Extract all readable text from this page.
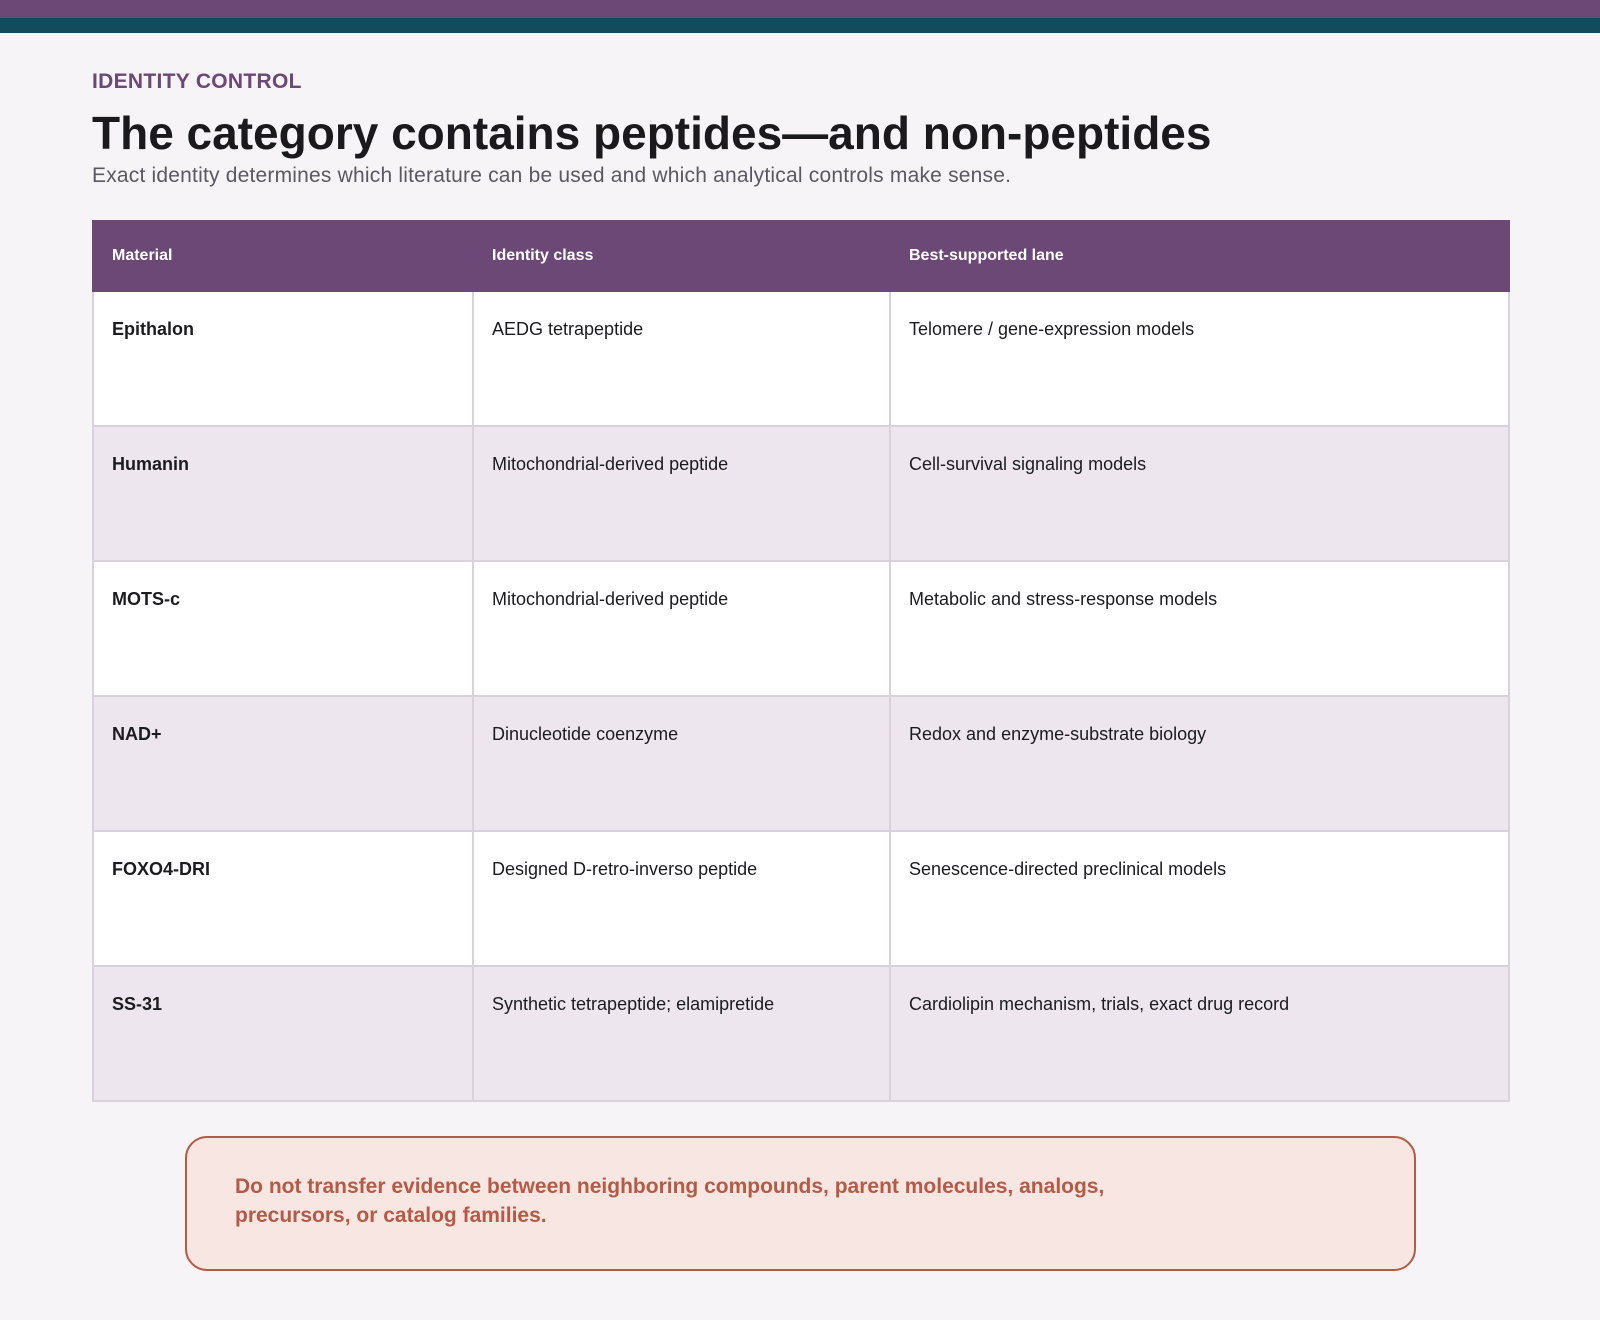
IDENTITY CONTROL
The category contains peptides—and non-peptides

Exact identity determines which literature can be used and which analytical controls make sense.

Material	Identity class	Best-supported lane
Epithalon	AEDG tetrapeptide	Telomere / gene-expression models
Humanin	Mitochondrial-derived peptide	Cell-survival signaling models
MOTS-c	Mitochondrial-derived peptide	Metabolic and stress-response models
NAD+	Dinucleotide coenzyme	Redox and enzyme-substrate biology
FOXO4-DRI	Designed D-retro-inverso peptide	Senescence-directed preclinical models
SS-31	Synthetic tetrapeptide; elamipretide	Cardiolipin mechanism, trials, exact drug record

Do not transfer evidence between neighboring compounds, parent molecules, analogs, precursors, or catalog families.
